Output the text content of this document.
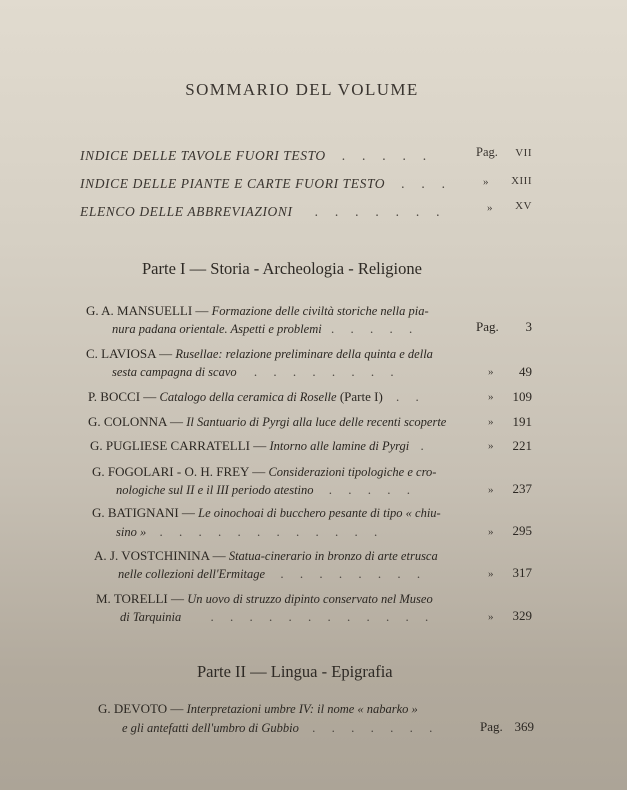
SOMMARIO DEL VOLUME
INDICE DELLE TAVOLE FUORI TESTO .     .     .     .     .	Pag.	VII
INDICE DELLE PIANTE E CARTE FUORI TESTO .     .     .	»	XIII
ELENCO DELLE ABBREVIAZIONI .     .     .     .     .     .     .	»	XV
Parte I — Storia - Archeologia - Religione
G. A. MANSUELLI — Formazione delle civiltà storiche nella pia-
nura padana orientale. Aspetti e problemi .     .     .     .     .	Pag.	3
C. LAVIOSA — Rusellae: relazione preliminare della quinta e della
sesta campagna di scavo .     .     .     .     .     .     .     .	»	49
P. BOCCI — Catalogo della ceramica di Roselle (Parte I) .     .	»	109
G. COLONNA — Il Santuario di Pyrgi alla luce delle recenti scoperte	»	191
G. PUGLIESE CARRATELLI — Intorno alle lamine di Pyrgi .	»	221
G. FOGOLARI - O. H. FREY — Considerazioni tipologiche e cro-
nologiche sul II e il III periodo atestino .     .     .     .     .	»	237
G. BATIGNANI — Le oinochoai di bucchero pesante di tipo « chiu-
sino » .     .     .     .     .     .     .     .     .     .     .     .	»	295
A. J. VOSTCHININA — Statua-cinerario in bronzo di arte etrusca
nelle collezioni dell'Ermitage .     .     .     .     .     .     .     .	»	317
M. TORELLI — Un uovo di struzzo dipinto conservato nel Museo
di Tarquinia .     .     .     .     .     .     .     .     .     .     .     .	»	329
Parte II — Lingua - Epigrafia
G. DEVOTO — Interpretazioni umbre IV: il nome « nabarko »
e gli antefatti dell'umbro di Gubbio .     .     .     .     .     .     .	Pag. 369
